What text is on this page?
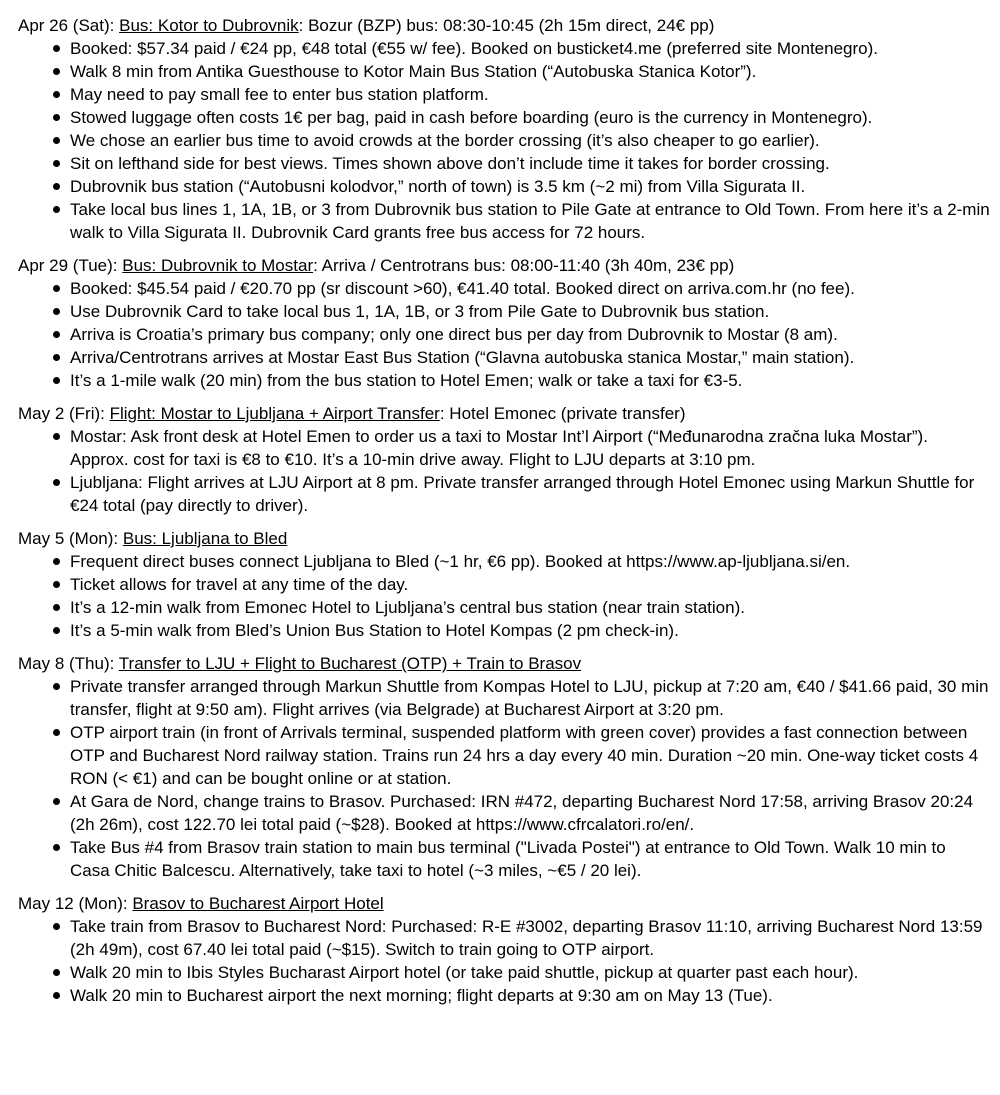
Apr 26 (Sat): Bus: Kotor to Dubrovnik: Bozur (BZP) bus: 08:30-10:45 (2h 15m direct, 24€ pp)
Booked: $57.34 paid / €24 pp, €48 total (€55 w/ fee). Booked on busticket4.me (preferred site Montenegro).
Walk 8 min from Antika Guesthouse to Kotor Main Bus Station (“Autobuska Stanica Kotor”).
May need to pay small fee to enter bus station platform.
Stowed luggage often costs 1€ per bag, paid in cash before boarding (euro is the currency in Montenegro).
We chose an earlier bus time to avoid crowds at the border crossing (it’s also cheaper to go earlier).
Sit on lefthand side for best views. Times shown above don’t include time it takes for border crossing.
Dubrovnik bus station (“Autobusni kolodvor,” north of town) is 3.5 km (~2 mi) from Villa Sigurata II.
Take local bus lines 1, 1A, 1B, or 3 from Dubrovnik bus station to Pile Gate at entrance to Old Town. From here it’s a 2-min walk to Villa Sigurata II. Dubrovnik Card grants free bus access for 72 hours.
Apr 29 (Tue): Bus: Dubrovnik to Mostar: Arriva / Centrotrans bus: 08:00-11:40 (3h 40m, 23€ pp)
Booked: $45.54 paid / €20.70 pp (sr discount >60), €41.40 total. Booked direct on arriva.com.hr (no fee).
Use Dubrovnik Card to take local bus 1, 1A, 1B, or 3 from Pile Gate to Dubrovnik bus station.
Arriva is Croatia’s primary bus company; only one direct bus per day from Dubrovnik to Mostar (8 am).
Arriva/Centrotrans arrives at Mostar East Bus Station (“Glavna autobuska stanica Mostar,” main station).
It’s a 1-mile walk (20 min) from the bus station to Hotel Emen; walk or take a taxi for €3-5.
May 2 (Fri): Flight: Mostar to Ljubljana + Airport Transfer: Hotel Emonec (private transfer)
Mostar: Ask front desk at Hotel Emen to order us a taxi to Mostar Int’l Airport (“Međunarodna zračna luka Mostar”). Approx. cost for taxi is €8 to €10. It’s a 10-min drive away. Flight to LJU departs at 3:10 pm.
Ljubljana: Flight arrives at LJU Airport at 8 pm. Private transfer arranged through Hotel Emonec using Markun Shuttle for €24 total (pay directly to driver).
May 5 (Mon): Bus: Ljubljana to Bled
Frequent direct buses connect Ljubljana to Bled (~1 hr, €6 pp). Booked at https://www.ap-ljubljana.si/en.
Ticket allows for travel at any time of the day.
It’s a 12-min walk from Emonec Hotel to Ljubljana’s central bus station (near train station).
It’s a 5-min walk from Bled’s Union Bus Station to Hotel Kompas (2 pm check-in).
May 8 (Thu): Transfer to LJU + Flight to Bucharest (OTP) + Train to Brasov
Private transfer arranged through Markun Shuttle from Kompas Hotel to LJU, pickup at 7:20 am, €40 / $41.66 paid, 30 min transfer, flight at 9:50 am). Flight arrives (via Belgrade) at Bucharest Airport at 3:20 pm.
OTP airport train (in front of Arrivals terminal, suspended platform with green cover) provides a fast connection between OTP and Bucharest Nord railway station. Trains run 24 hrs a day every 40 min. Duration ~20 min. One-way ticket costs 4 RON (< €1) and can be bought online or at station.
At Gara de Nord, change trains to Brasov. Purchased: IRN #472, departing Bucharest Nord 17:58, arriving Brasov 20:24 (2h 26m), cost 122.70 lei total paid (~$28). Booked at https://www.cfrcalatori.ro/en/.
Take Bus #4 from Brasov train station to main bus terminal ("Livada Postei") at entrance to Old Town. Walk 10 min to Casa Chitic Balcescu. Alternatively, take taxi to hotel (~3 miles, ~€5 / 20 lei).
May 12 (Mon): Brasov to Bucharest Airport Hotel
Take train from Brasov to Bucharest Nord: Purchased: R-E #3002, departing Brasov 11:10, arriving Bucharest Nord 13:59 (2h 49m), cost 67.40 lei total paid (~$15). Switch to train going to OTP airport.
Walk 20 min to Ibis Styles Bucharast Airport hotel (or take paid shuttle, pickup at quarter past each hour).
Walk 20 min to Bucharest airport the next morning; flight departs at 9:30 am on May 13 (Tue).
